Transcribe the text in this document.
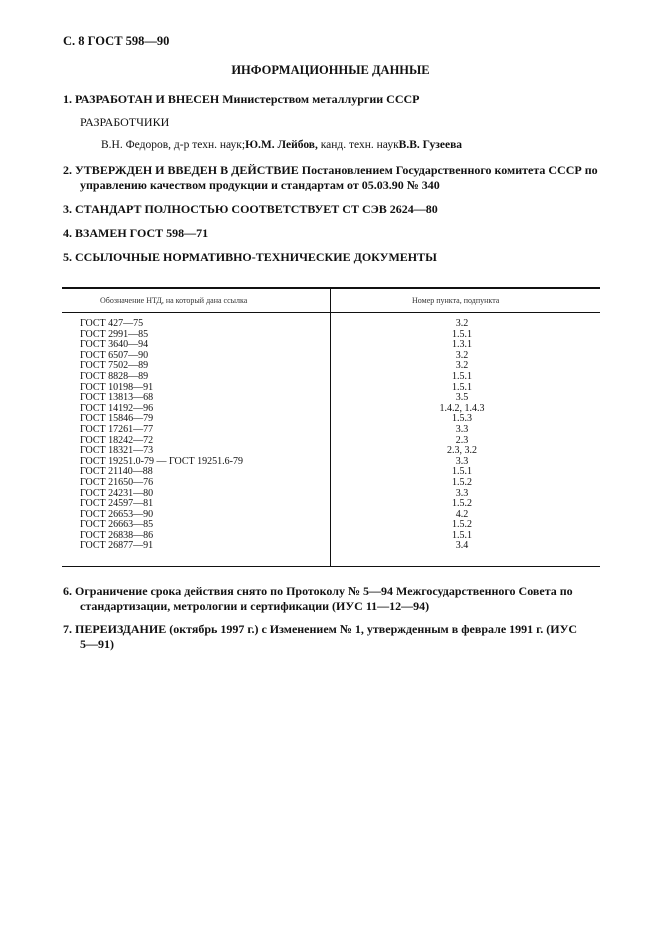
С. 8 ГОСТ 598—90
ИНФОРМАЦИОННЫЕ ДАННЫЕ
1. РАЗРАБОТАН И ВНЕСЕН Министерством металлургии СССР
РАЗРАБОТЧИКИ
В.Н. Федоров, д-р техн. наук;Ю.М. Лейбов, канд. техн. наукВ.В. Гузеева
2. УТВЕРЖДЕН И ВВЕДЕН В ДЕЙСТВИЕ Постановлением Государственного комитета СССР по
управлению качеством продукции и стандартам от 05.03.90 № 340
3. СТАНДАРТ ПОЛНОСТЬЮ СООТВЕТСТВУЕТ СТ СЭВ 2624—80
4. ВЗАМЕН ГОСТ 598—71
5. ССЫЛОЧНЫЕ НОРМАТИВНО-ТЕХНИЧЕСКИЕ ДОКУМЕНТЫ
Обозначение НТД, на который дана ссылка	Номер пункта, подпункта
ГОСТ 427—75	3.2
ГОСТ 2991—85	1.5.1
ГОСТ 3640—94	1.3.1
ГОСТ 6507—90	3.2
ГОСТ 7502—89	3.2
ГОСТ 8828—89	1.5.1
ГОСТ 10198—91	1.5.1
ГОСТ 13813—68	3.5
ГОСТ 14192—96	1.4.2, 1.4.3
ГОСТ 15846—79	1.5.3
ГОСТ 17261—77	3.3
ГОСТ 18242—72	2.3
ГОСТ 18321—73	2.3, 3.2
ГОСТ 19251.0-79 — ГОСТ 19251.6-79	3.3
ГОСТ 21140—88	1.5.1
ГОСТ 21650—76	1.5.2
ГОСТ 24231—80	3.3
ГОСТ 24597—81	1.5.2
ГОСТ 26653—90	4.2
ГОСТ 26663—85	1.5.2
ГОСТ 26838—86	1.5.1
ГОСТ 26877—91	3.4
6. Ограничение срока действия снято по Протоколу № 5—94 Межгосударственного Совета по
стандартизации, метрологии и сертификации (ИУС 11—12—94)
7. ПЕРЕИЗДАНИЕ (октябрь 1997 г.) с Изменением № 1, утвержденным в феврале 1991 г. (ИУС
5—91)
